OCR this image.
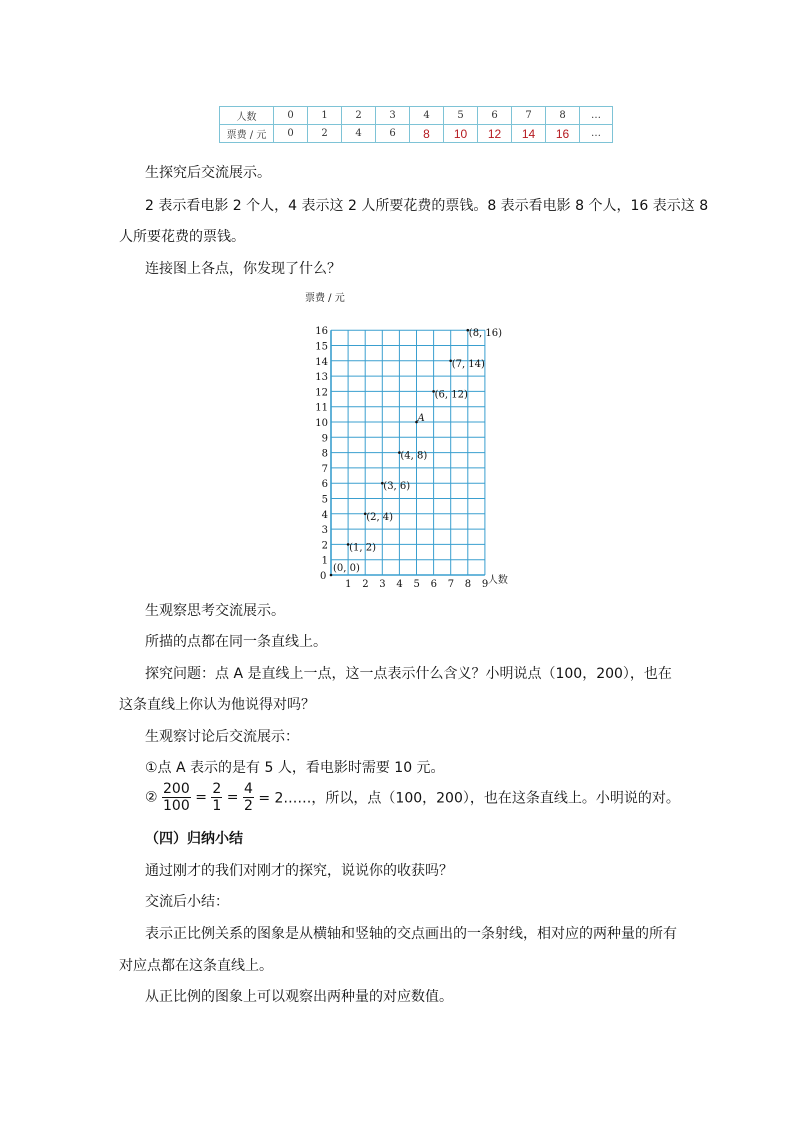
人数	0	1	2	3	4	5	6	7	8	…
票费 / 元	0	2	4	6	8	10	12	14	16	…
生探究后交流展示。
2 表示看电影 2 个人，4 表示这 2 人所要花费的票钱。8 表示看电影 8 个人，16 表示这 8
人所要花费的票钱。
连接图上各点，你发现了什么？
票费 / 元
人数
0
1 2 3 4 5 6 7 8 9
1
2
3
4
5
6
7
8
9
10
11
12
13
14
15
16
(0, 0)
(1, 2)
(2, 4)
(3, 6)
(4, 8)
A
(6, 12)
(7, 14)
(8, 16)
生观察思考交流展示。
所描的点都在同一条直线上。
探究问题：点 A 是直线上一点，这一点表示什么含义？小明说点（100，200），也在
这条直线上你认为他说得对吗？
生观察讨论后交流展示：
①点 A 表示的是有 5 人，看电影时需要 10 元。
② $\frac{200}{100} = \frac{2}{1} = \frac{4}{2}$ = 2……，所以，点（100，200），也在这条直线上。小明说的对。
（四）归纳小结
通过刚才的我们对刚才的探究，说说你的收获吗？
交流后小结：
表示正比例关系的图象是从横轴和竖轴的交点画出的一条射线，相对应的两种量的所有
对应点都在这条直线上。
从正比例的图象上可以观察出两种量的对应数值。
